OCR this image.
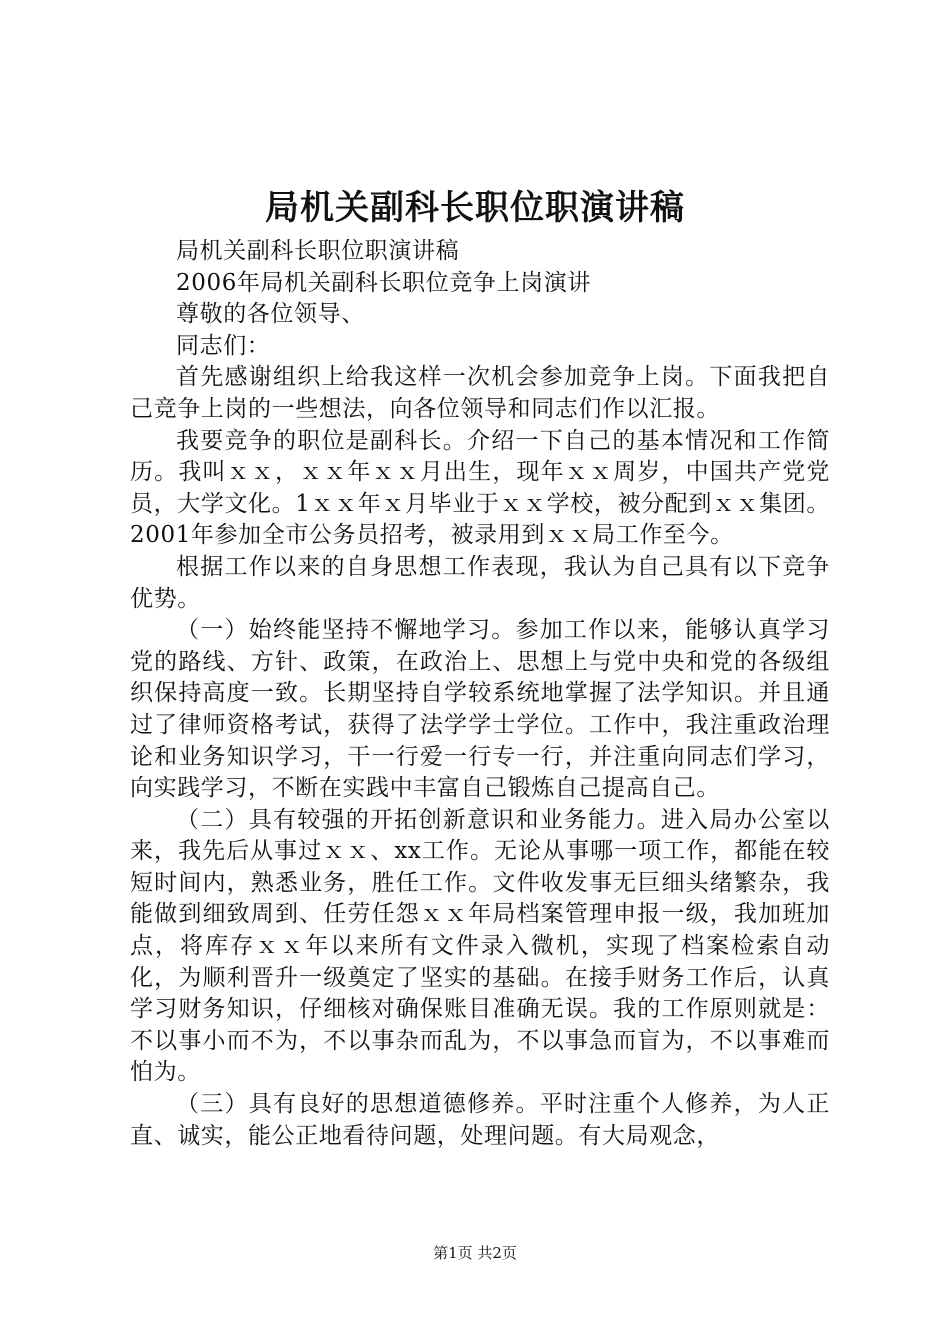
局机关副科长职位职演讲稿

局机关副科长职位职演讲稿

2006年局机关副科长职位竞争上岗演讲

尊敬的各位领导、

同志们：

首先感谢组织上给我这样一次机会参加竞争上岗。下面我把自己竞争上岗的一些想法，向各位领导和同志们作以汇报。

我要竞争的职位是副科长。介绍一下自己的基本情况和工作简历。我叫ｘｘ，ｘｘ年ｘｘ月出生，现年ｘｘ周岁，中国共产党党员，大学文化。1ｘｘ年ｘ月毕业于ｘｘ学校，被分配到ｘｘ集团。2001年参加全市公务员招考，被录用到ｘｘ局工作至今。

根据工作以来的自身思想工作表现，我认为自己具有以下竞争优势。

（一）始终能坚持不懈地学习。参加工作以来，能够认真学习党的路线、方针、政策，在政治上、思想上与党中央和党的各级组织保持高度一致。长期坚持自学较系统地掌握了法学知识。并且通过了律师资格考试，获得了法学学士学位。工作中，我注重政治理论和业务知识学习，干一行爱一行专一行，并注重向同志们学习，向实践学习，不断在实践中丰富自己锻炼自己提高自己。

（二）具有较强的开拓创新意识和业务能力。进入局办公室以来，我先后从事过ｘｘ、xx工作。无论从事哪一项工作，都能在较短时间内，熟悉业务，胜任工作。文件收发事无巨细头绪繁杂，我能做到细致周到、任劳任怨ｘｘ年局档案管理申报一级，我加班加点，将库存ｘｘ年以来所有文件录入微机，实现了档案检索自动化，为顺利晋升一级奠定了坚实的基础。在接手财务工作后，认真学习财务知识，仔细核对确保账目准确无误。我的工作原则就是：不以事小而不为，不以事杂而乱为，不以事急而盲为，不以事难而怕为。

（三）具有良好的思想道德修养。平时注重个人修养，为人正直、诚实，能公正地看待问题，处理问题。有大局观念，

第1页 共2页
